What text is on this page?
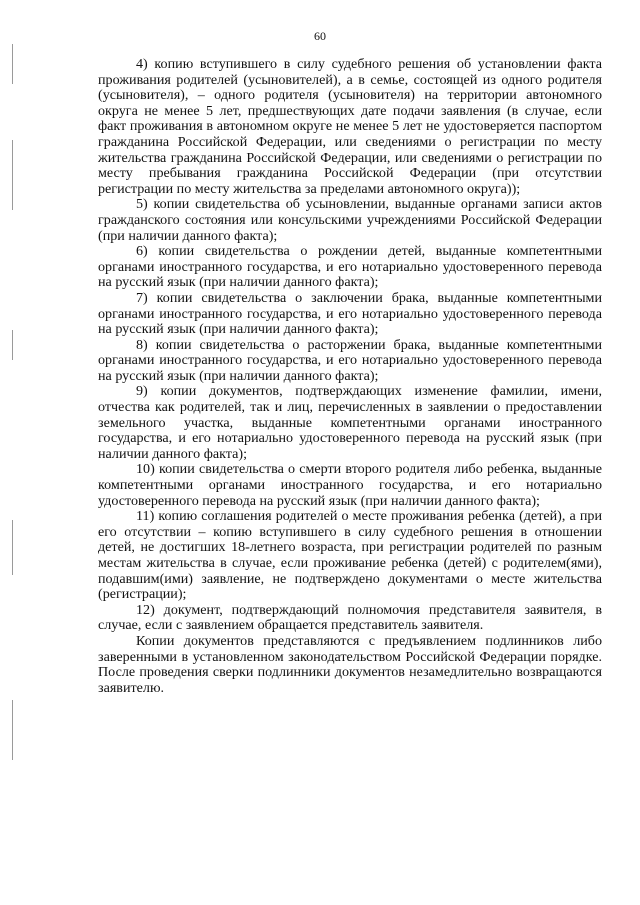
60

4) копию вступившего в силу судебного решения об установлении факта проживания родителей (усыновителей), а в семье, состоящей из одного родителя (усыновителя), – одного родителя (усыновителя) на территории автономного округа не менее 5 лет, предшествующих дате подачи заявления (в случае, если факт проживания в автономном округе не менее 5 лет не удостоверяется паспортом гражданина Российской Федерации, или сведениями о регистрации по месту жительства гражданина Российской Федерации, или сведениями о регистрации по месту пребывания гражданина Российской Федерации (при отсутствии регистрации по месту жительства за пределами автономного округа));

5) копии свидетельства об усыновлении, выданные органами записи актов гражданского состояния или консульскими учреждениями Российской Федерации (при наличии данного факта);

6) копии свидетельства о рождении детей, выданные компетентными органами иностранного государства, и его нотариально удостоверенного перевода на русский язык (при наличии данного факта);

7) копии свидетельства о заключении брака, выданные компетентными органами иностранного государства, и его нотариально удостоверенного перевода на русский язык (при наличии данного факта);

8) копии свидетельства о расторжении брака, выданные компетентными органами иностранного государства, и его нотариально удостоверенного перевода на русский язык (при наличии данного факта);

9) копии документов, подтверждающих изменение фамилии, имени, отчества как родителей, так и лиц, перечисленных в заявлении о предоставлении земельного участка, выданные компетентными органами иностранного государства, и его нотариально удостоверенного перевода на русский язык (при наличии данного факта);

10) копии свидетельства о смерти второго родителя либо ребенка, выданные компетентными органами иностранного государства, и его нотариально удостоверенного перевода на русский язык (при наличии данного факта);

11) копию соглашения родителей о месте проживания ребенка (детей), а при его отсутствии – копию вступившего в силу судебного решения в отношении детей, не достигших 18-летнего возраста, при регистрации родителей по разным местам жительства в случае, если проживание ребенка (детей) с родителем(ями), подавшим(ими) заявление, не подтверждено документами о месте жительства (регистрации);

12) документ, подтверждающий полномочия представителя заявителя, в случае, если с заявлением обращается представитель заявителя.

Копии документов представляются с предъявлением подлинников либо заверенными в установленном законодательством Российской Федерации порядке. После проведения сверки подлинники документов незамедлительно возвращаются заявителю.
